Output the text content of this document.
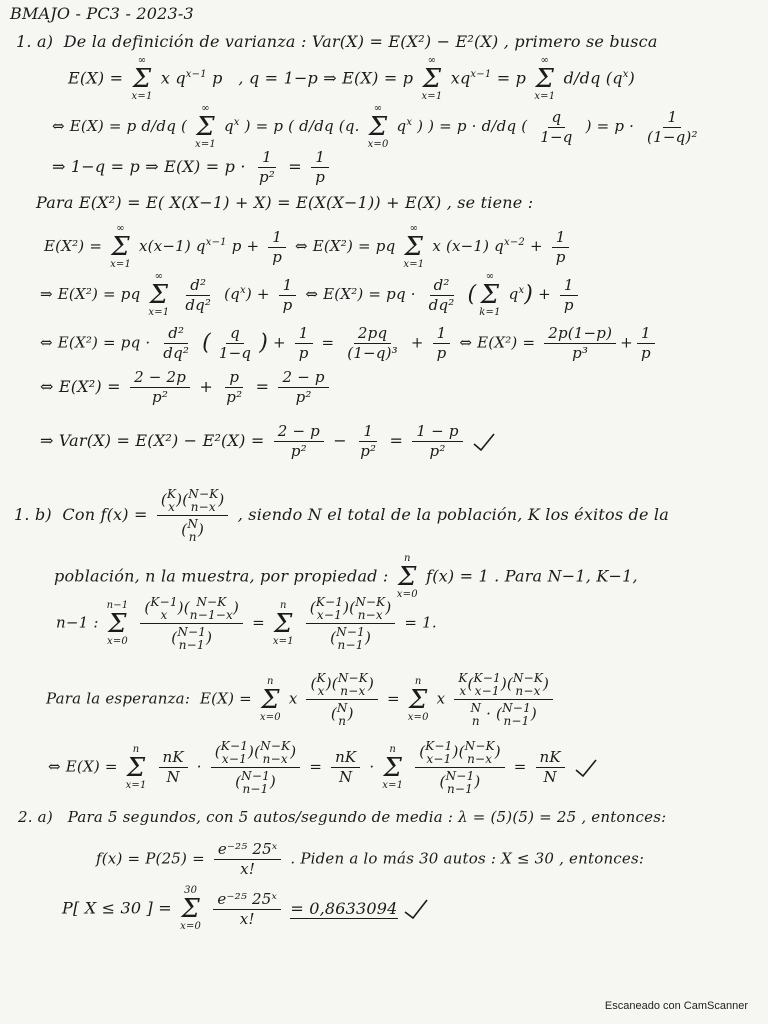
BMAJO - PC3 - 2023-3
1. a) De la definición de varianza : Var(X) = E(X²) − E²(X) , primero se busca
E(X) =
∞
Σ
x=1
x $q^{x-1}$ p , q = 1−p ⇒ E(X) = p
∞
Σ
x=1
$xq^{x-1} = p$
∞
Σ
x=1
d/dq $(q^x)$
⇔ E(X) = p d/dq (
∞
Σ
x=1
$q^x$ ) = p ( d/dq (q.
∞
Σ
x=0
$q^x$ ) ) = p · d/dq ( $\frac{q}{1-q}$ ) = $p \cdot \frac{1}{\text{(1−q)²}}$
⇒ 1−q = p ⇒ $E(X) = p \cdot \frac{1}{\text{p²}} = \frac{1}{p}$
Para E(X²) = E( X(X−1) + X) = E(X(X−1)) + E(X) , se tiene :
E(X²) =
∞
Σ
x=1
x(x−1) $q^{x-1}$ $p + \frac{1}{p}$ ⇔ E(X²) = pq
∞
Σ
x=1
x (x−1) $q^{x-2} + \frac{1}{p}$
⇒ E(X²) = pq
∞
Σ
x=1
$\frac{\text{d²}}{\text{dq²}} (q^x) + \frac{1}{p}$ ⇔ E(X²) = pq · $\frac{\text{d²}}{\text{dq²}}$ (
∞
Σ
k=1
$q^x) + \frac{1}{p}$
⇔ E(X²) = pq · $\frac{\text{d²}}{\text{dq²}}$ ( $\frac{q}{1-q}$ ) + $\frac{1}{p} = \frac{2pq}{\text{(1−q)³}} + \frac{1}{p}$ ⇔ $E(X^2) = \frac{2p(1-p)}{\text{p³}} + \frac{1}{p}$
⇔ $E(X^2) = \frac{2 - 2p}{\text{p²}} + \frac{p}{\text{p²}} = \frac{2 - p}{\text{p²}}$
⇒ $Var(X) = E(X^2) - E^2(X) = \frac{2 - p}{\text{p²}} - \frac{1}{\text{p²}} = \frac{1 - p}{\text{p²}}$

1. b) Con f(x) = ( K
x )( N−K
n−x )
( N
n ) , siendo N el total de la población, K los éxitos de la
población, n la muestra, por propiedad :
n
Σ
x=0
f(x) = 1 . Para N−1, K−1,
n−1 :
n−1
Σ
x=0
( K−1
x )( N−K
n−1−x )
( N−1
n−1 ) =
n
Σ
x=1
( K−1
x−1 )( N−K
n−x )
( N−1
n−1 ) = 1.
Para la esperanza: E(X) =
n
Σ
x=0
x ( K
x )( N−K
n−x )
( N
n ) =
n
Σ
x=0
x K
x ( K−1
x−1 )( N−K
n−x )
N
n · ( N−1
n−1 )
⇔ E(X) =
n
Σ
x=1
$\frac{nK}{N}$ · ( K−1
x−1 )( N−K
n−x )
( N−1
n−1 ) = $\frac{nK}{N}$ ·
n
Σ
x=1
( K−1
x−1 )( N−K
n−x )
( N−1
n−1 ) = $\frac{nK}{N}$

2. a) Para 5 segundos, con 5 autos/segundo de media : λ = (5)(5) = 25 , entonces:
$f(x) = P(25) = \frac{\text{e⁻²⁵ 25ˣ}}{x!}$ . Piden a lo más 30 autos : X ≤ 30 , entonces:
P[ X ≤ 30 ] =
30
Σ
x=0
$\frac{\text{e⁻²⁵ 25ˣ}}{x!} = 0,8633094$
Escaneado con CamScanner
